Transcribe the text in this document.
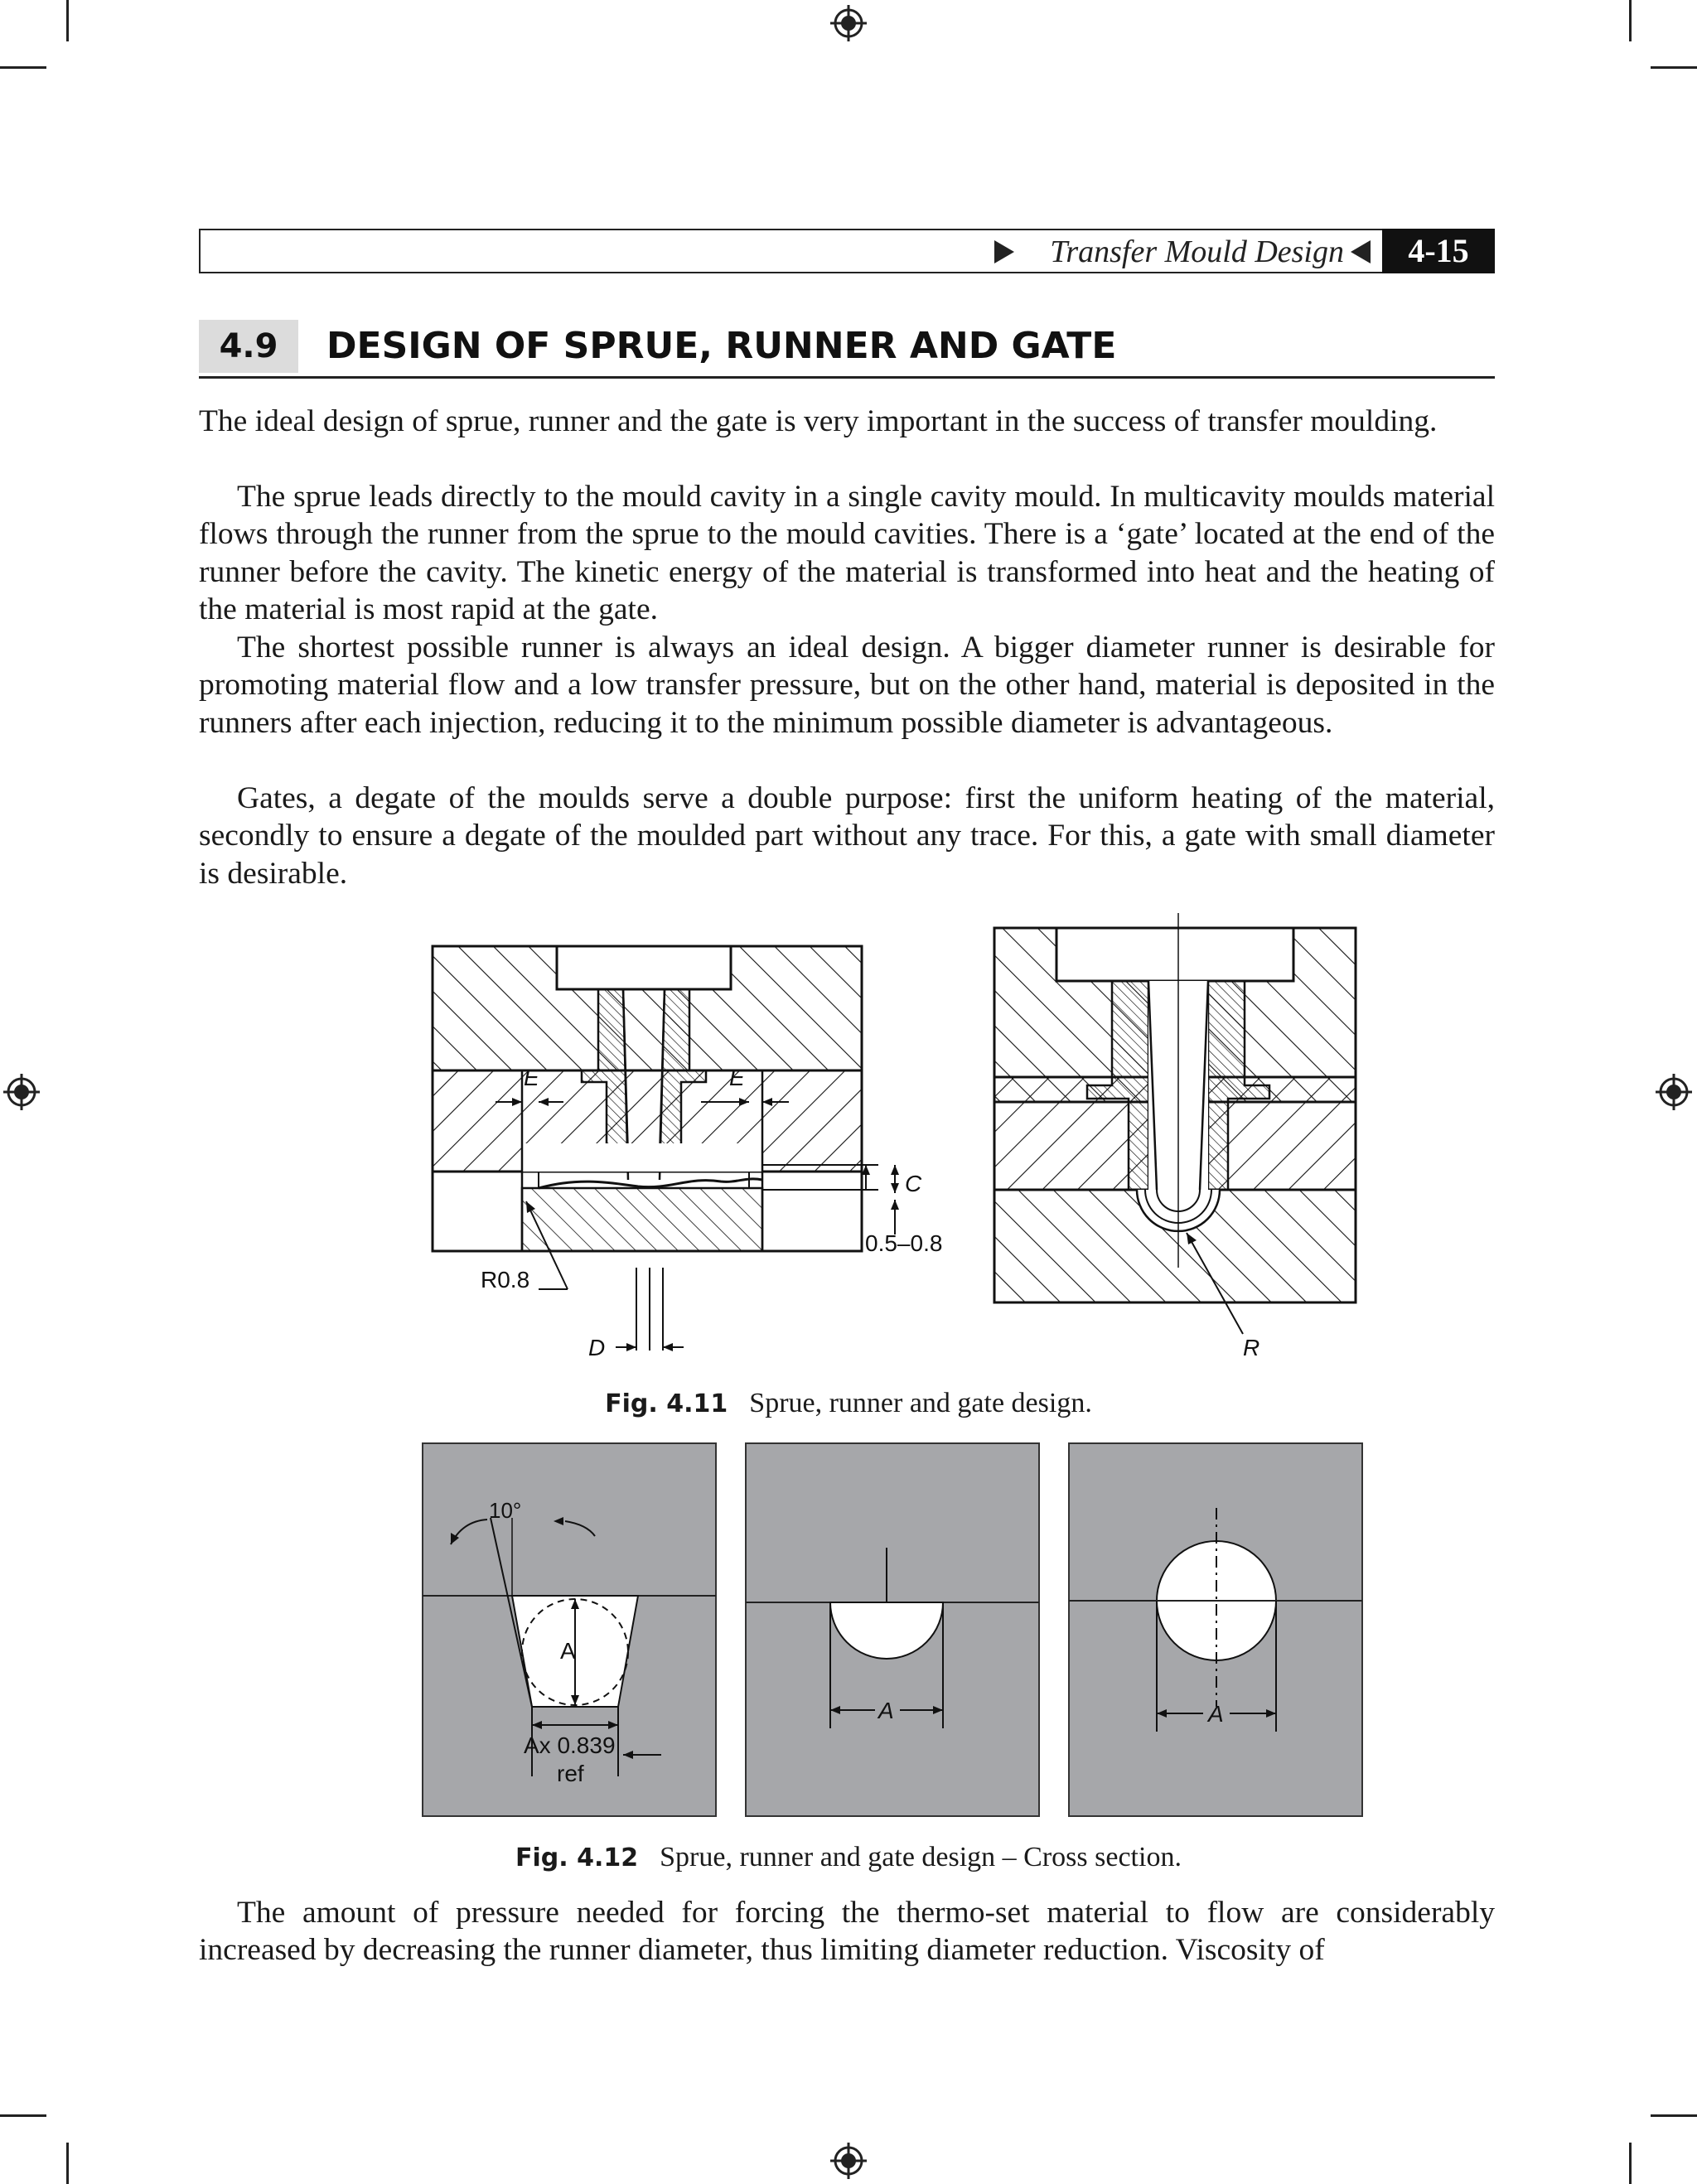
Transfer Mould Design	4-15
4.9	DESIGN OF SPRUE, RUNNER AND GATE
The ideal design of sprue, runner and the gate is very important in the success of transfer moulding.
The sprue leads directly to the mould cavity in a single cavity mould. In multicavity moulds material flows through the runner from the sprue to the mould cavities. There is a ‘gate’ located at the end of the runner before the cavity. The kinetic energy of the material is transformed into heat and the heating of the material is most rapid at the gate.
The shortest possible runner is always an ideal design. A bigger diameter runner is desirable for promoting material flow and a low transfer pressure, but on the other hand, material is deposited in the runners after each injection, reducing it to the minimum possible diameter is advantageous.
Gates, a degate of the moulds serve a double purpose: first the uniform heating of the material, secondly to ensure a degate of the moulded part without any trace. For this, a gate with small diameter is desirable.
E	E
C
0.5–0.8
R0.8
D	R
Fig. 4.11 Sprue, runner and gate design.
10°
A
Ax 0.839
ref
A	A
Fig. 4.12 Sprue, runner and gate design – Cross section.
The amount of pressure needed for forcing the thermo-set material to flow are considerably increased by decreasing the runner diameter, thus limiting diameter reduction. Viscosity of
